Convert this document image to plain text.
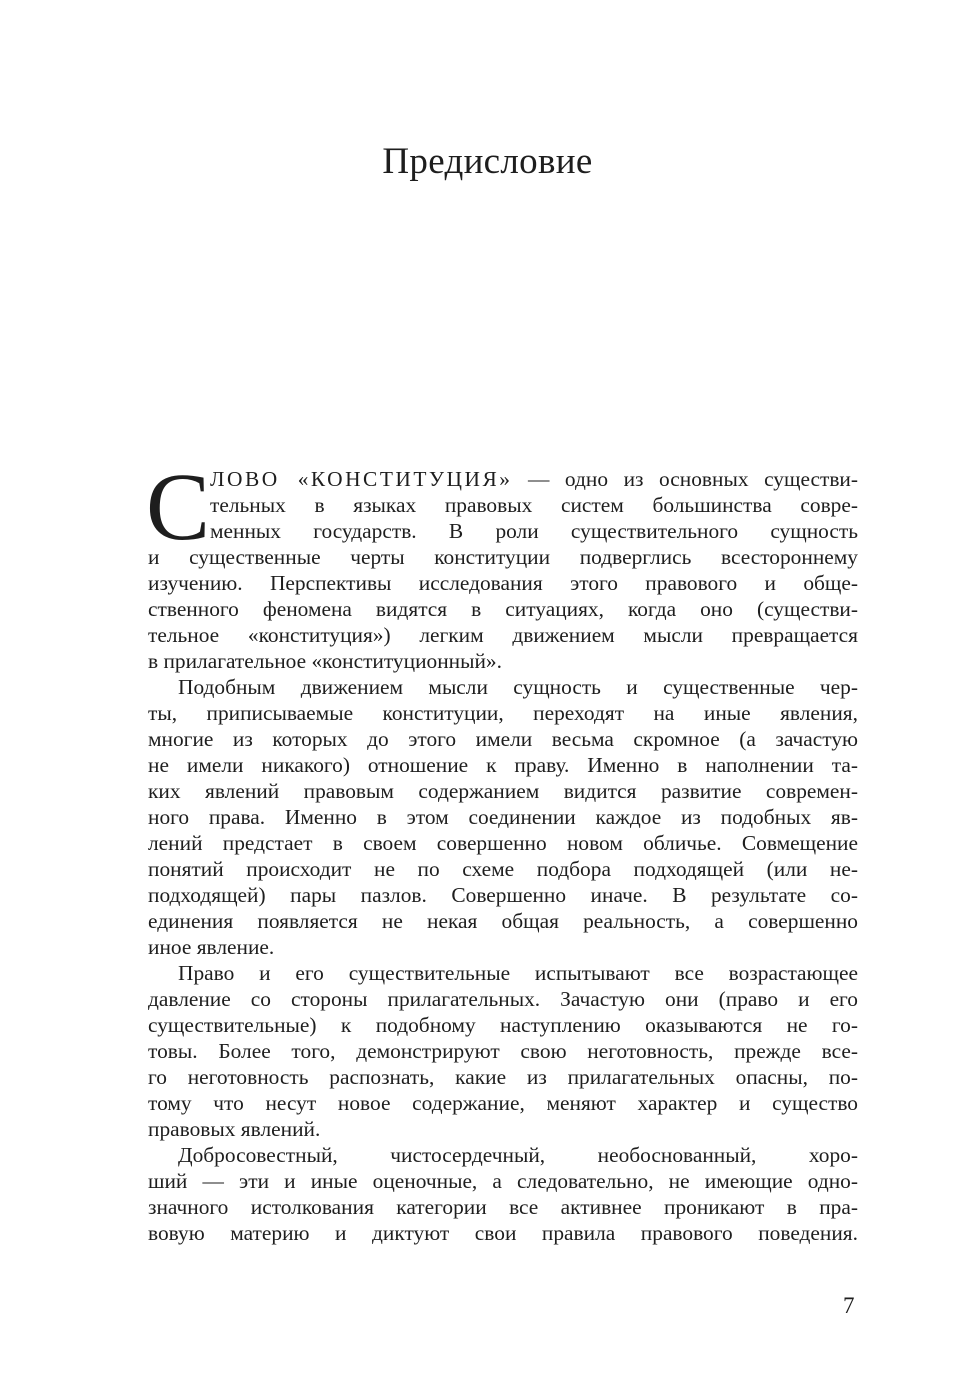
Предисловие
С ЛОВО «КОНСТИТУЦИЯ» — одно из основных существи-
тельных в языках правовых систем большинства совре-
менных государств. В роли существительного сущность
и существенные черты конституции подверглись всестороннему
изучению. Перспективы исследования этого правового и обще-
ственного феномена видятся в ситуациях, когда оно (существи-
тельное «конституция») легким движением мысли превращается
в прилагательное «конституционный».
Подобным движением мысли сущность и существенные чер-
ты, приписываемые конституции, переходят на иные явления,
многие из которых до этого имели весьма скромное (а зачастую
не имели никакого) отношение к праву. Именно в наполнении та-
ких явлений правовым содержанием видится развитие современ-
ного права. Именно в этом соединении каждое из подобных яв-
лений предстает в своем совершенно новом обличье. Совмещение
понятий происходит не по схеме подбора подходящей (или не-
подходящей) пары пазлов. Совершенно иначе. В результате со-
единения появляется не некая общая реальность, а совершенно
иное явление.
Право и его существительные испытывают все возрастающее
давление со стороны прилагательных. Зачастую они (право и его
существительные) к подобному наступлению оказываются не го-
товы. Более того, демонстрируют свою неготовность, прежде все-
го неготовность распознать, какие из прилагательных опасны, по-
тому что несут новое содержание, меняют характер и существо
правовых явлений.
Добросовестный, чистосердечный, необоснованный, хоро-
ший — эти и иные оценочные, а следовательно, не имеющие одно-
значного истолкования категории все активнее проникают в пра-
вовую материю и диктуют свои правила правового поведения.
7
